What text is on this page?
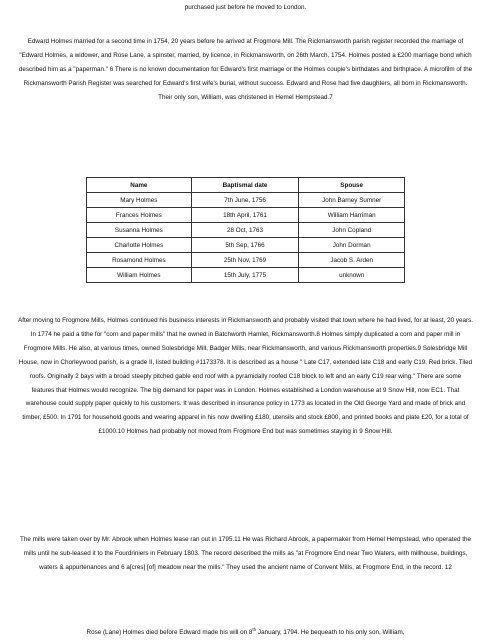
purchased just before he moved to London.

Edward Holmes married for a second time in 1754, 20 years before he arrived at Frogmore Mill. The Rickmansworth parish register recorded the marriage of "Edward Holmes, a widower, and Rose Lane, a spinster, married, by licence, in Rickmansworth, on 26th March, 1754. Holmes posted a £200 marriage bond which described him as a "paperman." 6 There is no known documentation for Edward's first marriage or the Holmes couple's birthdates and birthplace. A microfilm of the Rickmansworth Parish Register was searched for Edward's first wife's burial, without success. Edward and Rose had five daughters, all born in Rickmansworth. Their only son, William, was christened in Hemel Hempstead.7

Name	Baptismal date	Spouse
Mary Holmes	7th June, 1756	John Barney Sumner
Frances Holmes	18th April, 1761	William Harriman
Susanna Holmes	28 Oct, 1763	John Copland
Charlotte Holmes	5th Sep, 1766	John Dorman
Rosamond Holmes	25th Nov, 1769	Jacob S. Arden
William Holmes	15th July, 1775	unknown

After moving to Frogmore Mills, Holmes continued his business interests in Rickmansworth and probably visited that town where he had lived, for at least, 20 years. In 1774 he paid a tithe for "corn and paper mills" that he owned in Batchworth Hamlet, Rickmansworth.8 Holmes simply duplicated a corn and paper mill in Frogmore Mills. He also, at various times, owned Solesbridge Mill, Badger Mills, near Rickmansworth, and various Rickmansworth properties.9 Solesbridge Mill House, now in Chorleywood parish, is a grade II, listed building #1173378. It is described as a house " Late C17, extended late C18 and early C19. Red brick. Tiled roofs. Originally 2 bays with a broad steeply pitched gable end roof with a pyramidally roofed C18 block to left and an early C19 rear wing." There are some features that Holmes would recognize. The big demand for paper was in London. Holmes established a London warehouse at 9 Snow Hill, now EC1. That warehouse could supply paper quickly to his customers. It was described in insurance policy in 1773 as located in the Old George Yard and made of brick and timber, £500. In 1791 for household goods and wearing apparel in his now dwelling £180, utensils and stock £800, and printed books and plate £20, for a total of £1000.10 Holmes had probably not moved from Frogmore End but was sometimes staying in 9 Snow Hill.

The mills were taken over by Mr. Abrook when Holmes lease ran out in 1795.11 He was Richard Abrook, a papermaker from Hemel Hempstead, who operated the mills until he sub-leased it to the Fourdriniers in February 1803. The record described the mills as "at Frogmore End near Two Waters, with millhouse, buildings, waters & appurtenances and 6 a[cres] [of] meadow near the mills." They used the ancient name of Convent Mills, at Frogmore End, in the record. 12

Rose (Lane) Holmes died before Edward made his will on 8th January, 1794. He bequeath to his only son, William,
